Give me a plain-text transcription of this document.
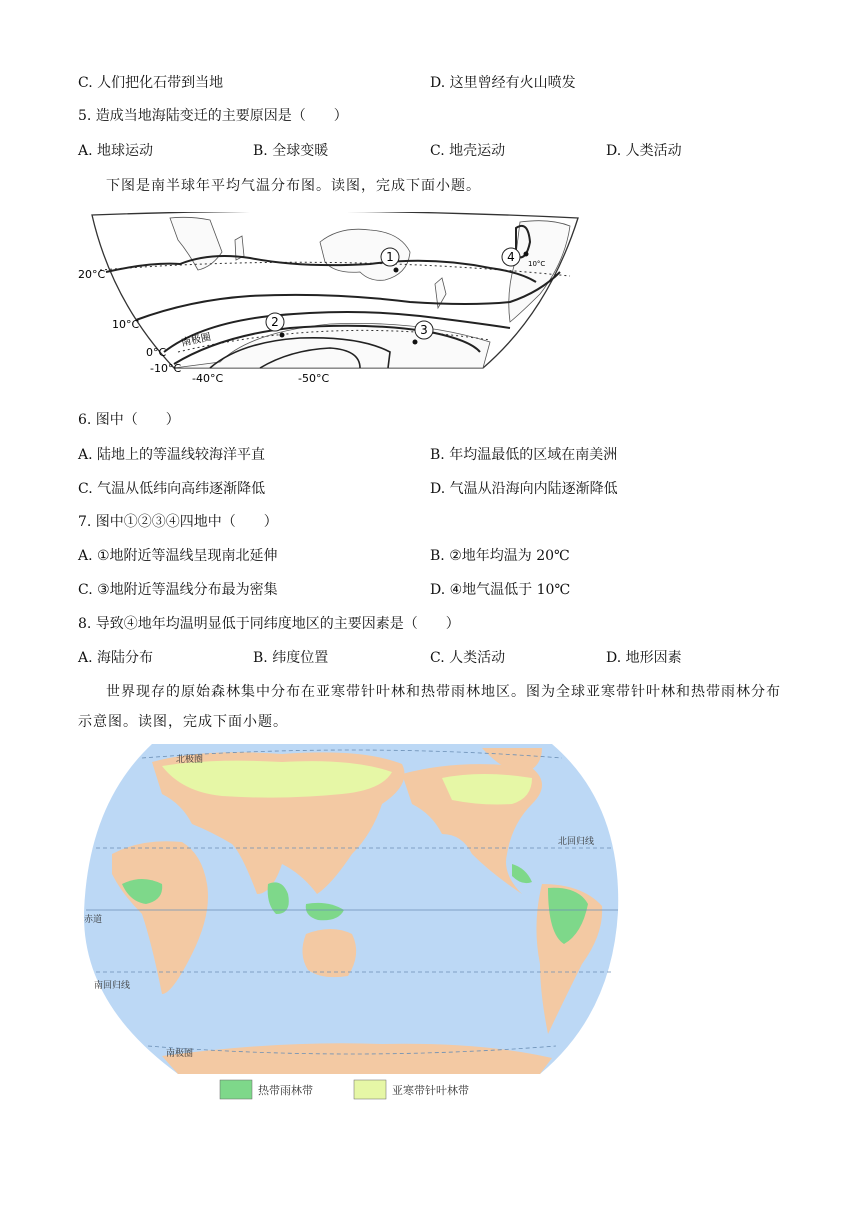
C. 人们把化石带到当地	D. 这里曾经有火山喷发
5. 造成当地海陆变迁的主要原因是（　　）
A. 地球运动	B. 全球变暖	C. 地壳运动	D. 人类活动
下图是南半球年平均气温分布图。读图，完成下面小题。
20°C
10°C
0°C
-10°C
-40°C	-50°C
10°C
南极圈
1
2
3
4
6. 图中（　　）
A. 陆地上的等温线较海洋平直	B. 年均温最低的区域在南美洲
C. 气温从低纬向高纬逐渐降低	D. 气温从沿海向内陆逐渐降低
7. 图中①②③④四地中（　　）
A. ①地附近等温线呈现南北延伸	B. ②地年均温为 20℃
C. ③地附近等温线分布最为密集	D. ④地气温低于 10℃
8. 导致④地年均温明显低于同纬度地区的主要因素是（　　）
A. 海陆分布	B. 纬度位置	C. 人类活动	D. 地形因素
世界现存的原始森林集中分布在亚寒带针叶林和热带雨林地区。图为全球亚寒带针叶林和热带雨林分布示意图。读图，完成下面小题。
北极圈
北回归线
赤道
南回归线
南极圈
热带雨林带	亚寒带针叶林带
